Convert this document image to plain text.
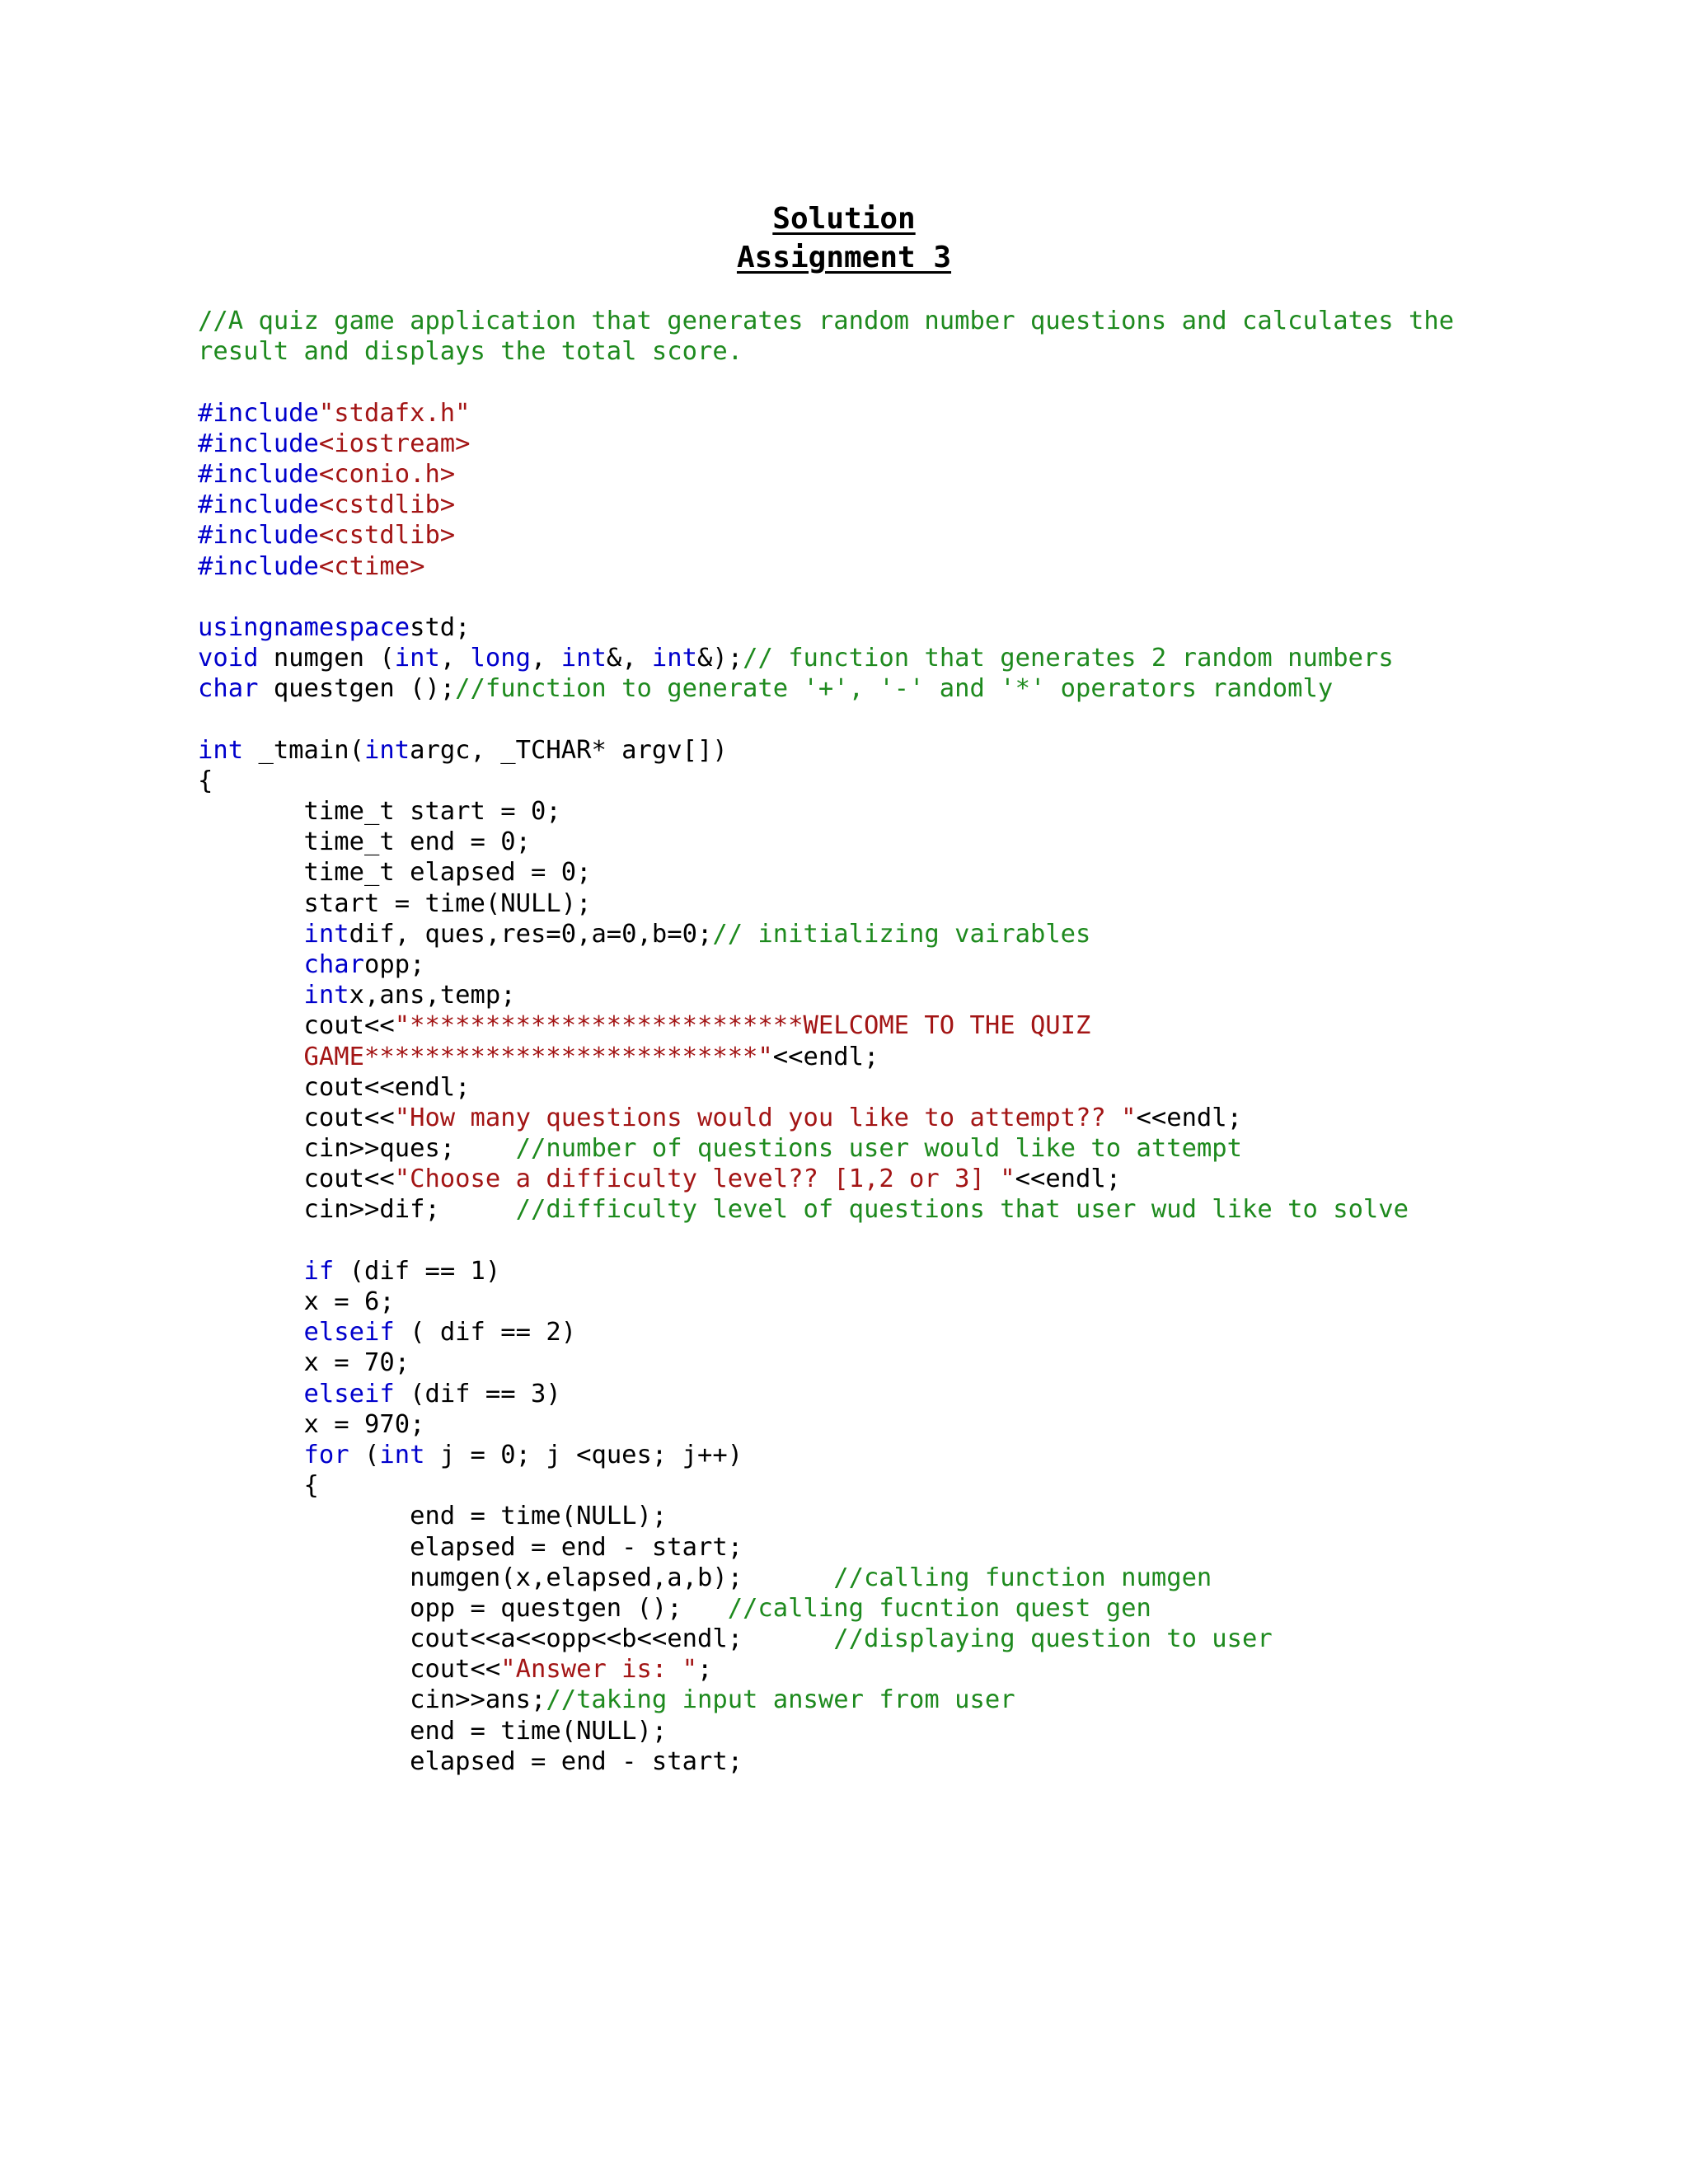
Solution
Assignment 3
//A quiz game application that generates random number questions and calculates the
result and displays the total score.

#include"stdafx.h"
#include<iostream>
#include<conio.h>
#include<cstdlib>
#include<cstdlib>
#include<ctime>

usingnamespacestd;
void numgen (int, long, int&, int&);// function that generates 2 random numbers
char questgen ();//function to generate '+', '-' and '*' operators randomly

int _tmain(intargc, _TCHAR* argv[])
{
time_t start = 0;
time_t end = 0;
time_t elapsed = 0;
start = time(NULL);
intdif, ques,res=0,a=0,b=0;// initializing vairables
charopp;
intx,ans,temp;
cout<<"**************************WELCOME TO THE QUIZ
GAME**************************"<<endl;
cout<<endl;
cout<<"How many questions would you like to attempt?? "<<endl;
cin>>ques;    //number of questions user would like to attempt
cout<<"Choose a difficulty level?? [1,2 or 3] "<<endl;
cin>>dif;     //difficulty level of questions that user wud like to solve

if (dif == 1)
x = 6;
elseif ( dif == 2)
x = 70;
elseif (dif == 3)
x = 970;
for (int j = 0; j <ques; j++)
{
end = time(NULL);
elapsed = end - start;
numgen(x,elapsed,a,b);      //calling function numgen
opp = questgen ();   //calling fucntion quest gen
cout<<a<<opp<<b<<endl;      //displaying question to user
cout<<"Answer is: ";
cin>>ans;//taking input answer from user
end = time(NULL);
elapsed = end - start;
